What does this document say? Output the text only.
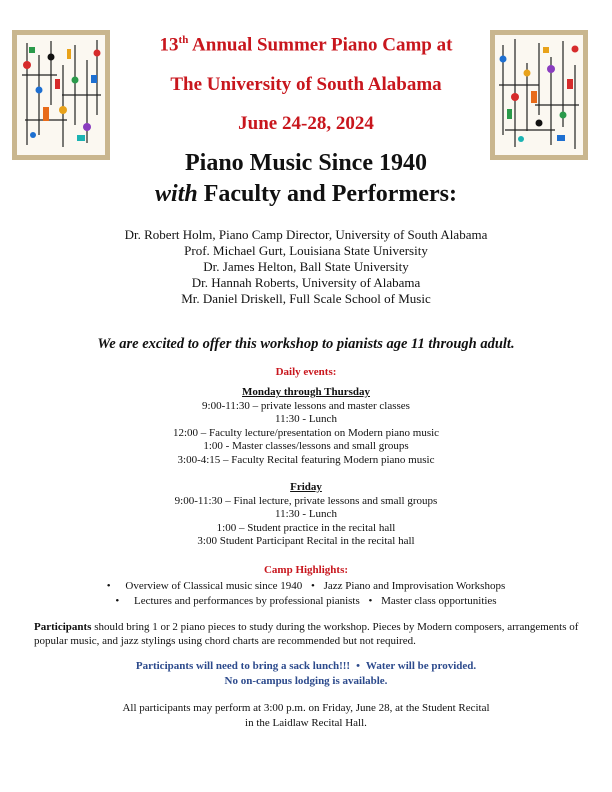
13th Annual Summer Piano Camp at
The University of South Alabama
June 24-28, 2024
Piano Music Since 1940
with Faculty and Performers:
Dr. Robert Holm, Piano Camp Director, University of South Alabama
Prof. Michael Gurt, Louisiana State University
Dr. James Helton, Ball State University
Dr. Hannah Roberts, University of Alabama
Mr. Daniel Driskell, Full Scale School of Music
We are excited to offer this workshop to pianists age 11 through adult.
Daily events:
Monday through Thursday
9:00-11:30 – private lessons and master classes
11:30 - Lunch
12:00 – Faculty lecture/presentation on Modern piano music
1:00 - Master classes/lessons and small groups
3:00-4:15 – Faculty Recital featuring Modern piano music
Friday
9:00-11:30 – Final lecture, private lessons and small groups
11:30 - Lunch
1:00 – Student practice in the recital hall
3:00 Student Participant Recital in the recital hall
Camp Highlights:
• Overview of Classical music since 1940 • Jazz Piano and Improvisation Workshops
• Lectures and performances by professional pianists • Master class opportunities
Participants should bring 1 or 2 piano pieces to study during the workshop. Pieces by Modern composers, arrangements of popular music, and jazz stylings using chord charts are recommended but not required.
Participants will need to bring a sack lunch!!! • Water will be provided.
No on-campus lodging is available.
All participants may perform at 3:00 p.m. on Friday, June 28, at the Student Recital
in the Laidlaw Recital Hall.
